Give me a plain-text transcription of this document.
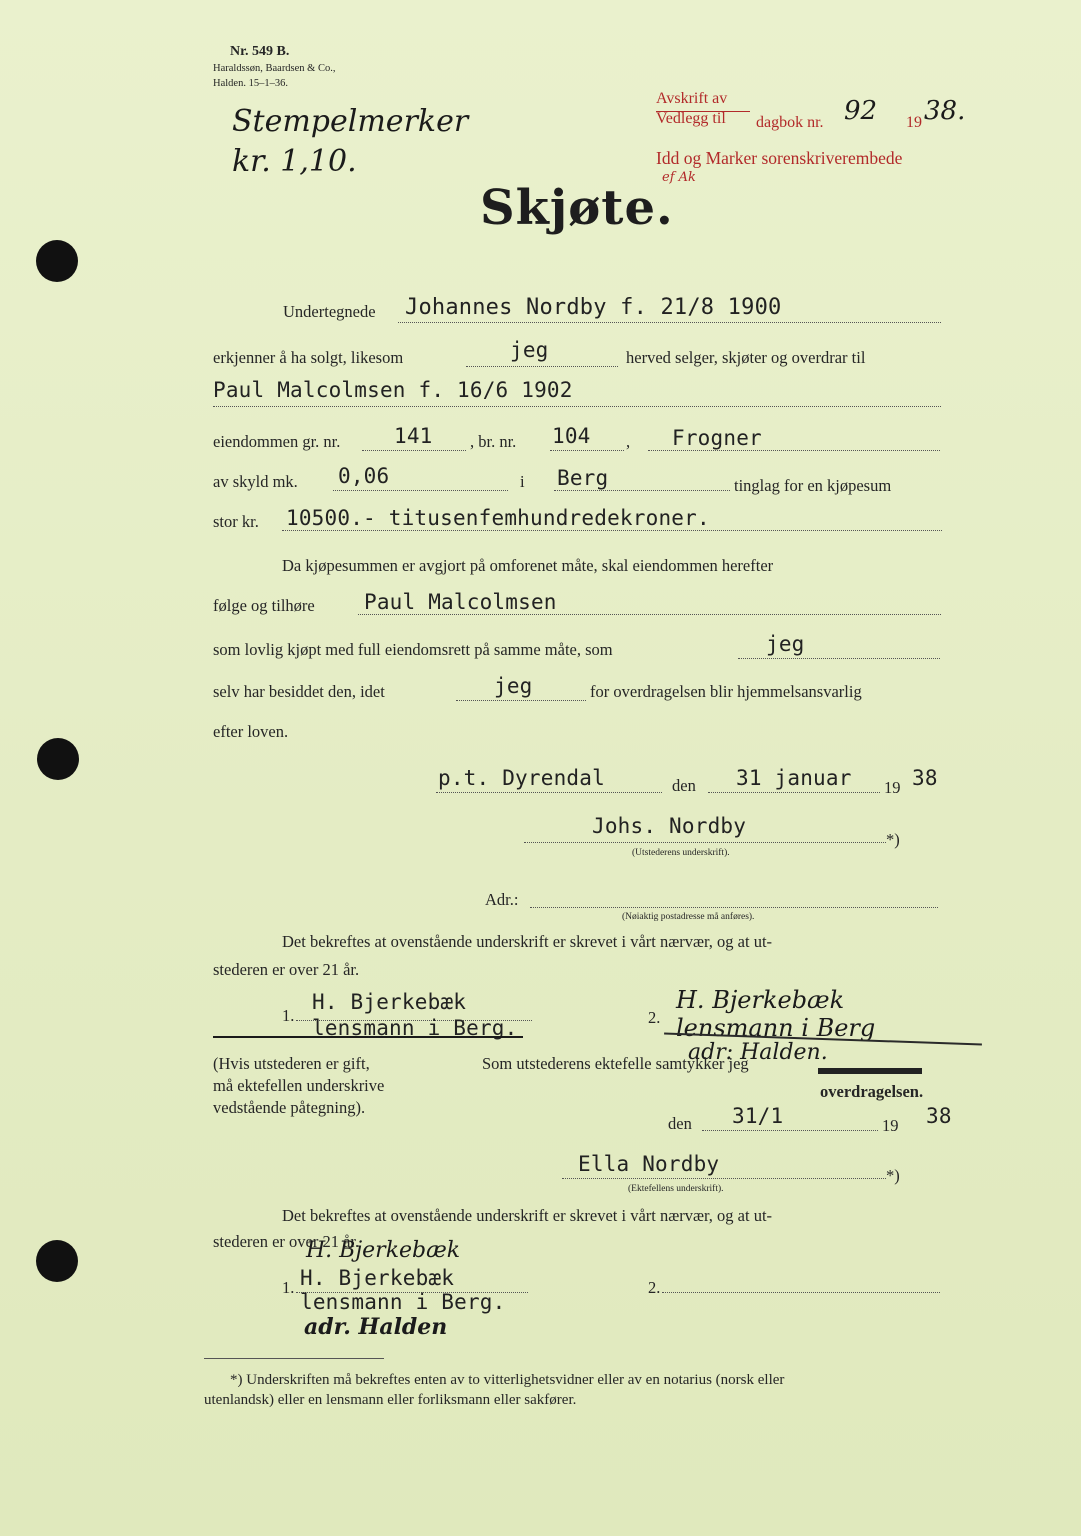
Nr. 549 B.
Haraldssøn, Baardsen & Co.,
Halden. 15–1–36.
Avskrift av
Vedlegg til dagbok nr. 92 19 38.
Idd og Marker sorenskriverembede
ef Ak
Stempelmerker
kr. 1,10.
Skjøte.
Undertegnede Johannes Nordby f. 21/8 1900
erkjenner å ha solgt, likesom	jeg	herved selger, skjøter og overdrar til
Paul Malcolmsen f. 16/6 1902
eiendommen gr. nr.	141 , br. nr. 104 , Frogner
av skyld mk. 0,06	i Berg	tinglag for en kjøpesum
stor kr. 10500.- titusenfemhundredekroner.
Da kjøpesummen er avgjort på omforenet måte, skal eiendommen herefter
følge og tilhøre Paul Malcolmsen
som lovlig kjøpt med full eiendomsrett på samme måte, som	jeg
selv har besiddet den, idet	jeg	for overdragelsen blir hjemmelsansvarlig
efter loven.
p.t. Dyrendal	den 31 januar 19 38
Johs. Nordby
*)
(Utstederens underskrift).
Adr.:
(Nøiaktig postadresse må anføres).
Det bekreftes at ovenstående underskrift er skrevet i vårt nærvær, og at ut-
stederen er over 21 år.
1.
H. Bjerkebæk
lensmann i Berg.	2.
H. Bjerkebæk
lensmann i Berg
adr: Halden.
(Hvis utstederen er gift,
må ektefellen underskrive
vedstående påtegning).
Som utstederens ektefelle samtykker jeg
overdragelsen.
den 31/1	19 38
Ella Nordby	*)
(Ektefellens underskrift).
Det bekreftes at ovenstående underskrift er skrevet i vårt nærvær, og at ut-
stederen er over 21 år.
H. Bjerkebæk
1. H. Bjerkebæk
lensmann i Berg.
adr. Halden
2.
*) Underskriften må bekreftes enten av to vitterlighetsvidner eller av en notarius (norsk eller
utenlandsk) eller en lensmann eller forliksmann eller sakfører.
